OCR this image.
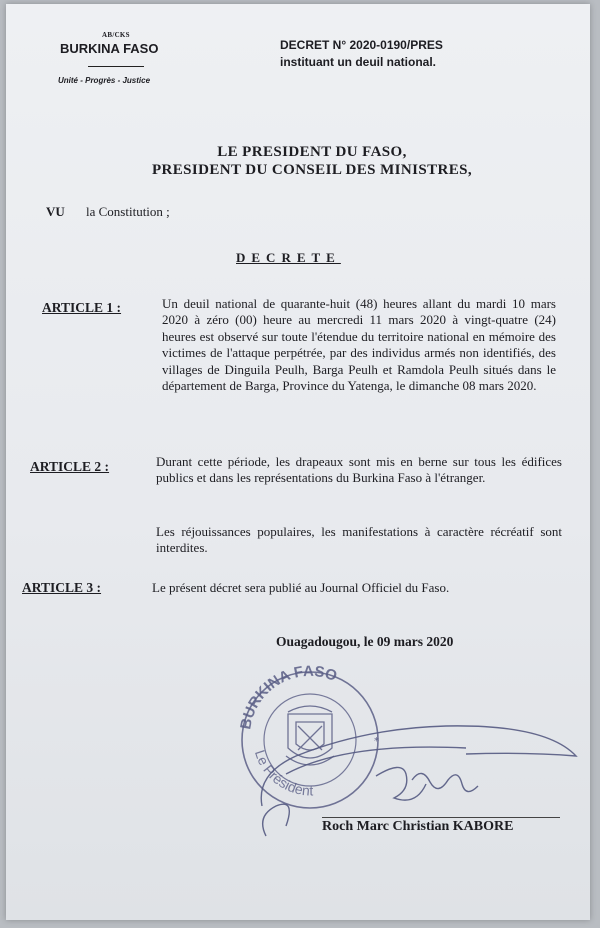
AB/CKS
BURKINA FASO
Unité - Progrès - Justice
DECRET N° 2020-0190/PRES
instituant un deuil national.
LE PRESIDENT DU FASO,
PRESIDENT DU CONSEIL DES MINISTRES,
VU la Constitution ;
DECRETE
ARTICLE 1 :	Un deuil national de quarante-huit (48) heures allant du mardi 10 mars 2020 à zéro (00) heure au mercredi 11 mars 2020 à vingt-quatre (24) heures est observé sur toute l'étendue du territoire national en mémoire des victimes de l'attaque perpétrée, par des individus armés non identifiés, des villages de Dinguila Peulh, Barga Peulh et Ramdola Peulh situés dans le département de Barga, Province du Yatenga, le dimanche 08 mars 2020.
ARTICLE 2 :	Durant cette période, les drapeaux sont mis en berne sur tous les édifices publics et dans les représentations du Burkina Faso à l'étranger.
Les réjouissances populaires, les manifestations à caractère récréatif sont interdites.
ARTICLE 3 :	Le présent décret sera publié au Journal Officiel du Faso.
Ouagadougou, le 09 mars 2020
BURKINA FASO
Le Président
*
Roch Marc Christian KABORE
